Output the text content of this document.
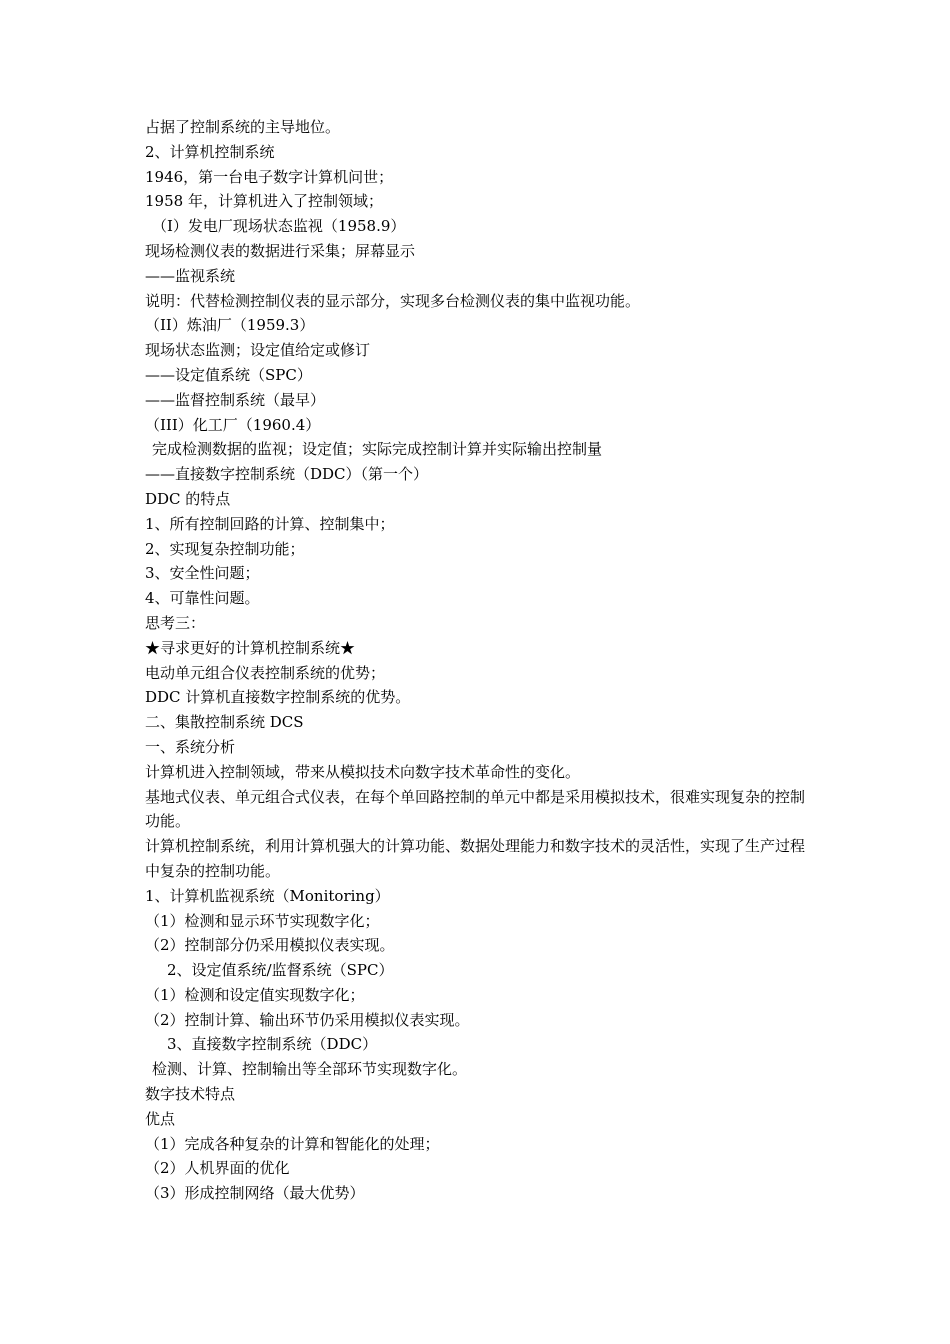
占据了控制系统的主导地位。
2、计算机控制系统
1946，第一台电子数字计算机问世；
1958 年，计算机进入了控制领域；
（I）发电厂现场状态监视（1958.9）
现场检测仪表的数据进行采集；屏幕显示
——监视系统
说明：代替检测控制仪表的显示部分，实现多台检测仪表的集中监视功能。
（II）炼油厂（1959.3）
现场状态监测；设定值给定或修订
——设定值系统（SPC）
——监督控制系统（最早）
（III）化工厂（1960.4）
完成检测数据的监视；设定值；实际完成控制计算并实际输出控制量
——直接数字控制系统（DDC）（第一个）
DDC 的特点
1、所有控制回路的计算、控制集中；
2、实现复杂控制功能；
3、安全性问题；
4、可靠性问题。
思考三：
★寻求更好的计算机控制系统★
电动单元组合仪表控制系统的优势；
DDC 计算机直接数字控制系统的优势。
二、集散控制系统 DCS
一、系统分析
计算机进入控制领域，带来从模拟技术向数字技术革命性的变化。
基地式仪表、单元组合式仪表，在每个单回路控制的单元中都是采用模拟技术，很难实现复杂的控制功能。
计算机控制系统，利用计算机强大的计算功能、数据处理能力和数字技术的灵活性，实现了生产过程中复杂的控制功能。
1、计算机监视系统（Monitoring）
（1）检测和显示环节实现数字化；
（2）控制部分仍采用模拟仪表实现。
2、设定值系统/监督系统（SPC）
（1）检测和设定值实现数字化；
（2）控制计算、输出环节仍采用模拟仪表实现。
3、直接数字控制系统（DDC）
检测、计算、控制输出等全部环节实现数字化。
数字技术特点
优点
（1）完成各种复杂的计算和智能化的处理；
（2）人机界面的优化
（3）形成控制网络（最大优势）
